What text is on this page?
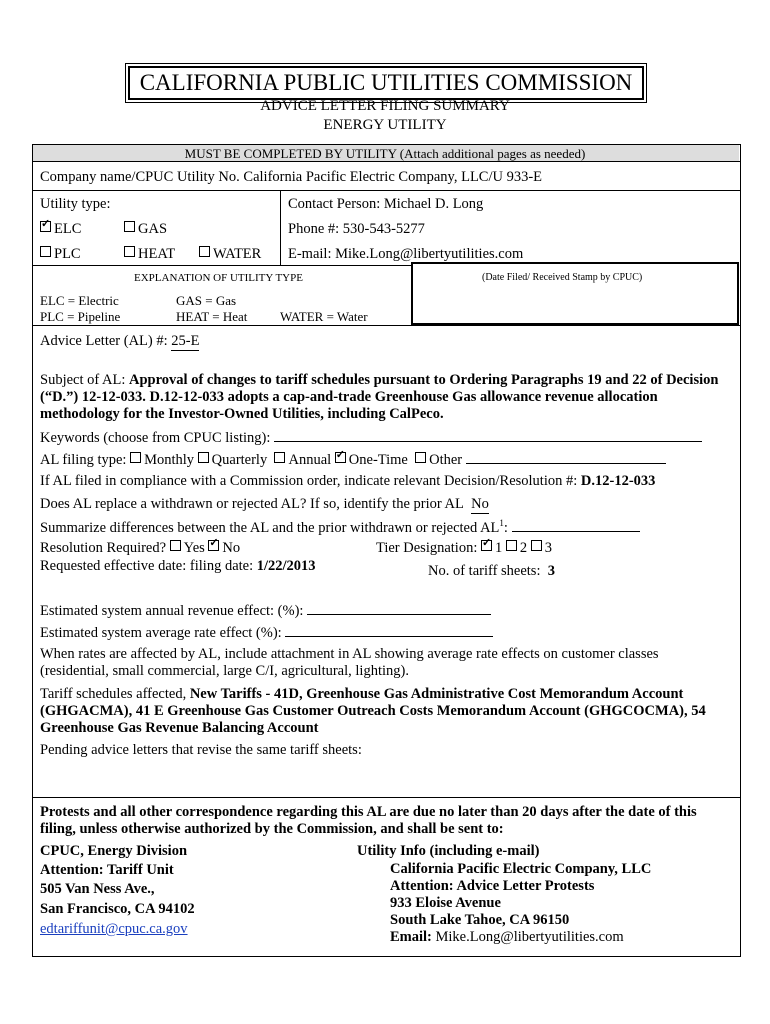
CALIFORNIA PUBLIC UTILITIES COMMISSION
ADVICE LETTER FILING SUMMARY
ENERGY UTILITY
MUST BE COMPLETED BY UTILITY (Attach additional pages as needed)
Company name/CPUC Utility No. California Pacific Electric Company, LLC/U 933-E
Utility type:
✓ELC	GAS
PLC	HEAT	WATER
Contact Person: Michael D. Long
Phone #: 530-543-5277
E-mail: Mike.Long@libertyutilities.com
EXPLANATION OF UTILITY TYPE
ELC = Electric	GAS = Gas
PLC = Pipeline	HEAT = Heat	WATER = Water
(Date Filed/ Received Stamp by CPUC)
Advice Letter (AL) #: 25-E
Subject of AL: Approval of changes to tariff schedules pursuant to Ordering Paragraphs 19 and 22 of Decision (“D.”) 12-12-033. D.12-12-033 adopts a cap-and-trade Greenhouse Gas allowance revenue allocation methodology for the Investor-Owned Utilities, including CalPeco.
Keywords (choose from CPUC listing):
AL filing type: Monthly Quarterly Annual ✓ One-Time Other
If AL filed in compliance with a Commission order, indicate relevant Decision/Resolution #: D.12-12-033
Does AL replace a withdrawn or rejected AL? If so, identify the prior AL No
Summarize differences between the AL and the prior withdrawn or rejected $AL^1$:
Resolution Required? Yes ✓ No	Tier Designation: ✓ 1 2 3
Requested effective date: filing date: 1/22/2013	No. of tariff sheets: 3
Estimated system annual revenue effect: (%):
Estimated system average rate effect (%):
When rates are affected by AL, include attachment in AL showing average rate effects on customer classes (residential, small commercial, large C/I, agricultural, lighting).
Tariff schedules affected, New Tariffs - 41D, Greenhouse Gas Administrative Cost Memorandum Account (GHGACMA), 41 E Greenhouse Gas Customer Outreach Costs Memorandum Account (GHGCOCMA), 54 Greenhouse Gas Revenue Balancing Account
Pending advice letters that revise the same tariff sheets:
Protests and all other correspondence regarding this AL are due no later than 20 days after the date of this filing, unless otherwise authorized by the Commission, and shall be sent to:
CPUC, Energy Division
Attention: Tariff Unit
505 Van Ness Ave.,
San Francisco, CA 94102
edtariffunit@cpuc.ca.gov
Utility Info (including e-mail)
California Pacific Electric Company, LLC
Attention: Advice Letter Protests
933 Eloise Avenue
South Lake Tahoe, CA 96150
Email: Mike.Long@libertyutilities.com
